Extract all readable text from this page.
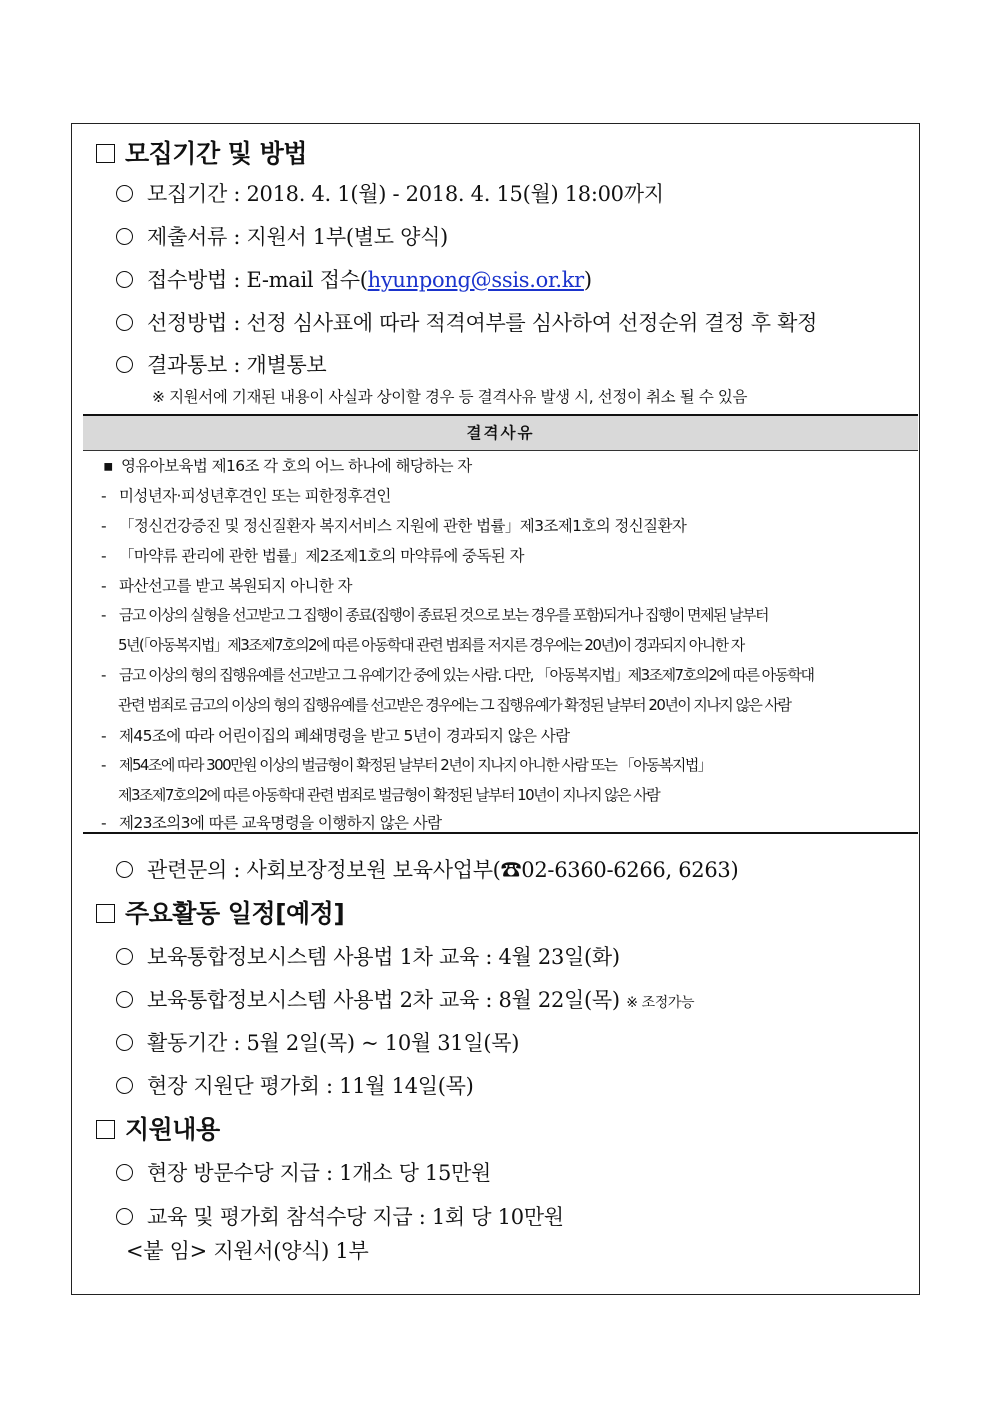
모집기간 및 방법
모집기간 : 2018. 4. 1(월) - 2018. 4. 15(월) 18:00까지
제출서류 : 지원서 1부(별도 양식)
접수방법 : E-mail 접수(hyunpong@ssis.or.kr)
선정방법 : 선정 심사표에 따라 적격여부를 심사하여 선정순위 결정 후 확정
결과통보 : 개별통보
※ 지원서에 기재된 내용이 사실과 상이할 경우 등 결격사유 발생 시, 선정이 취소 될 수 있음
결격사유
▪ 영유아보육법 제16조 각 호의 어느 하나에 해당하는 자
- 미성년자·피성년후견인 또는 피한정후견인
- 「정신건강증진 및 정신질환자 복지서비스 지원에 관한 법률」제3조제1호의 정신질환자
- 「마약류 관리에 관한 법률」제2조제1호의 마약류에 중독된 자
- 파산선고를 받고 복원되지 아니한 자
- 금고 이상의 실형을 선고받고 그 집행이 종료(집행이 종료된 것으로 보는 경우를 포함)되거나 집행이 면제된 날부터
5년(「아동복지법」제3조제7호의2에 따른 아동학대 관련 범죄를 저지른 경우에는 20년)이 경과되지 아니한 자
- 금고 이상의 형의 집행유예를 선고받고 그 유예기간 중에 있는 사람. 다만, 「아동복지법」제3조제7호의2에 따른 아동학대
관련 범죄로 금고의 이상의 형의 집행유예를 선고받은 경우에는 그 집행유예가 확정된 날부터 20년이 지나지 않은 사람
- 제45조에 따라 어린이집의 폐쇄명령을 받고 5년이 경과되지 않은 사람
- 제54조에 따라 300만원 이상의 벌금형이 확정된 날부터 2년이 지나지 아니한 사람 또는 「아동복지법」
제3조제7호의2에 따른 아동학대 관련 범죄로 벌금형이 확정된 날부터 10년이 지나지 않은 사람
- 제23조의3에 따른 교육명령을 이행하지 않은 사람
관련문의 : 사회보장정보원 보육사업부(☎02-6360-6266, 6263)
주요활동 일정[예정]
보육통합정보시스템 사용법 1차 교육 : 4월 23일(화)
보육통합정보시스템 사용법 2차 교육 : 8월 22일(목) ※ 조정가능
활동기간 : 5월 2일(목) ~ 10월 31일(목)
현장 지원단 평가회 : 11월 14일(목)
지원내용
현장 방문수당 지급 : 1개소 당 15만원
교육 및 평가회 참석수당 지급 : 1회 당 10만원
<붙 임> 지원서(양식) 1부
